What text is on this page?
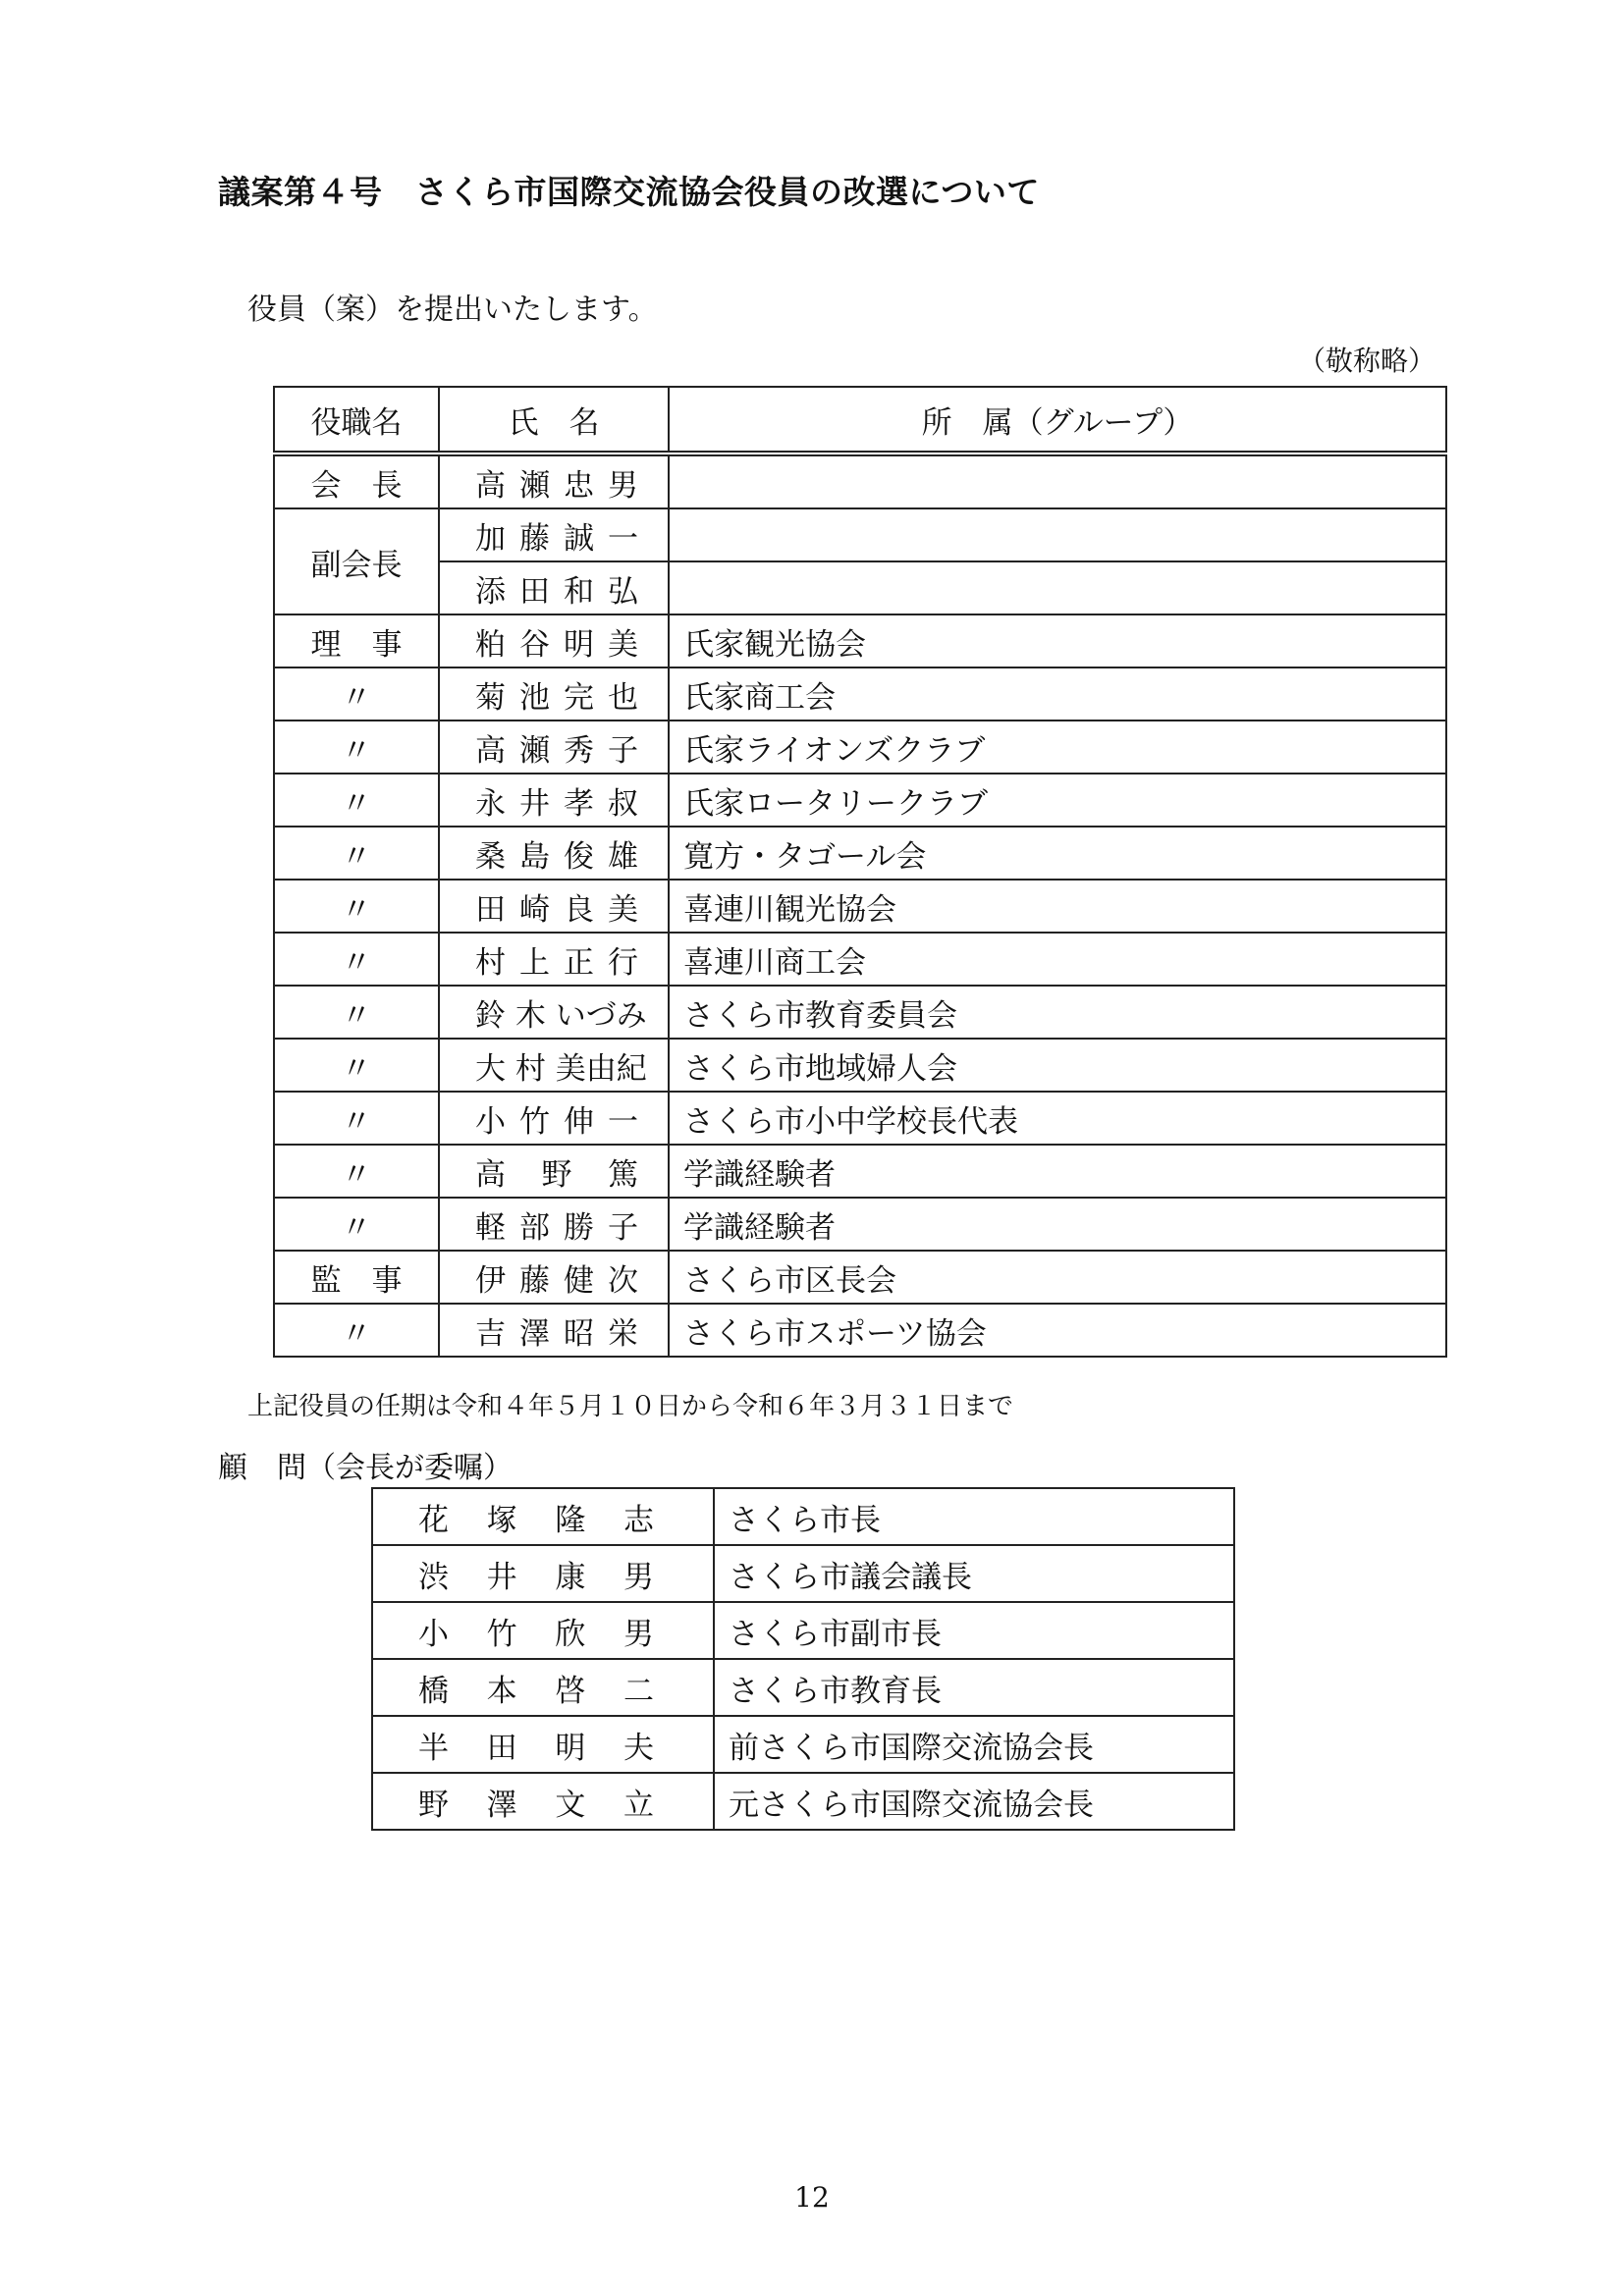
議案第４号　さくら市国際交流協会役員の改選について
役員（案）を提出いたします。
（敬称略）
役職名	氏　名	所　属（グループ）
会　長	高 瀬 忠 男	
副会長	加 藤 誠 一	
	添 田 和 弘	
理　事	粕 谷 明 美	氏家観光協会
〃	菊 池 完 也	氏家商工会
〃	高 瀬 秀 子	氏家ライオンズクラブ
〃	永 井 孝 叔	氏家ロータリークラブ
〃	桑 島 俊 雄	寛方・タゴール会
〃	田 崎 良 美	喜連川観光協会
〃	村 上 正 行	喜連川商工会
〃	鈴 木 いづみ	さくら市教育委員会
〃	大 村 美由紀	さくら市地域婦人会
〃	小 竹 伸 一	さくら市小中学校長代表
〃	高 野 篤	学識経験者
〃	軽 部 勝 子	学識経験者
監　事	伊 藤 健 次	さくら市区長会
〃	吉 澤 昭 栄	さくら市スポーツ協会
上記役員の任期は令和４年５月１０日から令和６年３月３１日まで
顧　問（会長が委嘱）
花 塚 隆 志	さくら市長
渋 井 康 男	さくら市議会議長
小 竹 欣 男	さくら市副市長
橋 本 啓 二	さくら市教育長
半 田 明 夫	前さくら市国際交流協会長
野 澤 文 立	元さくら市国際交流協会長
12
